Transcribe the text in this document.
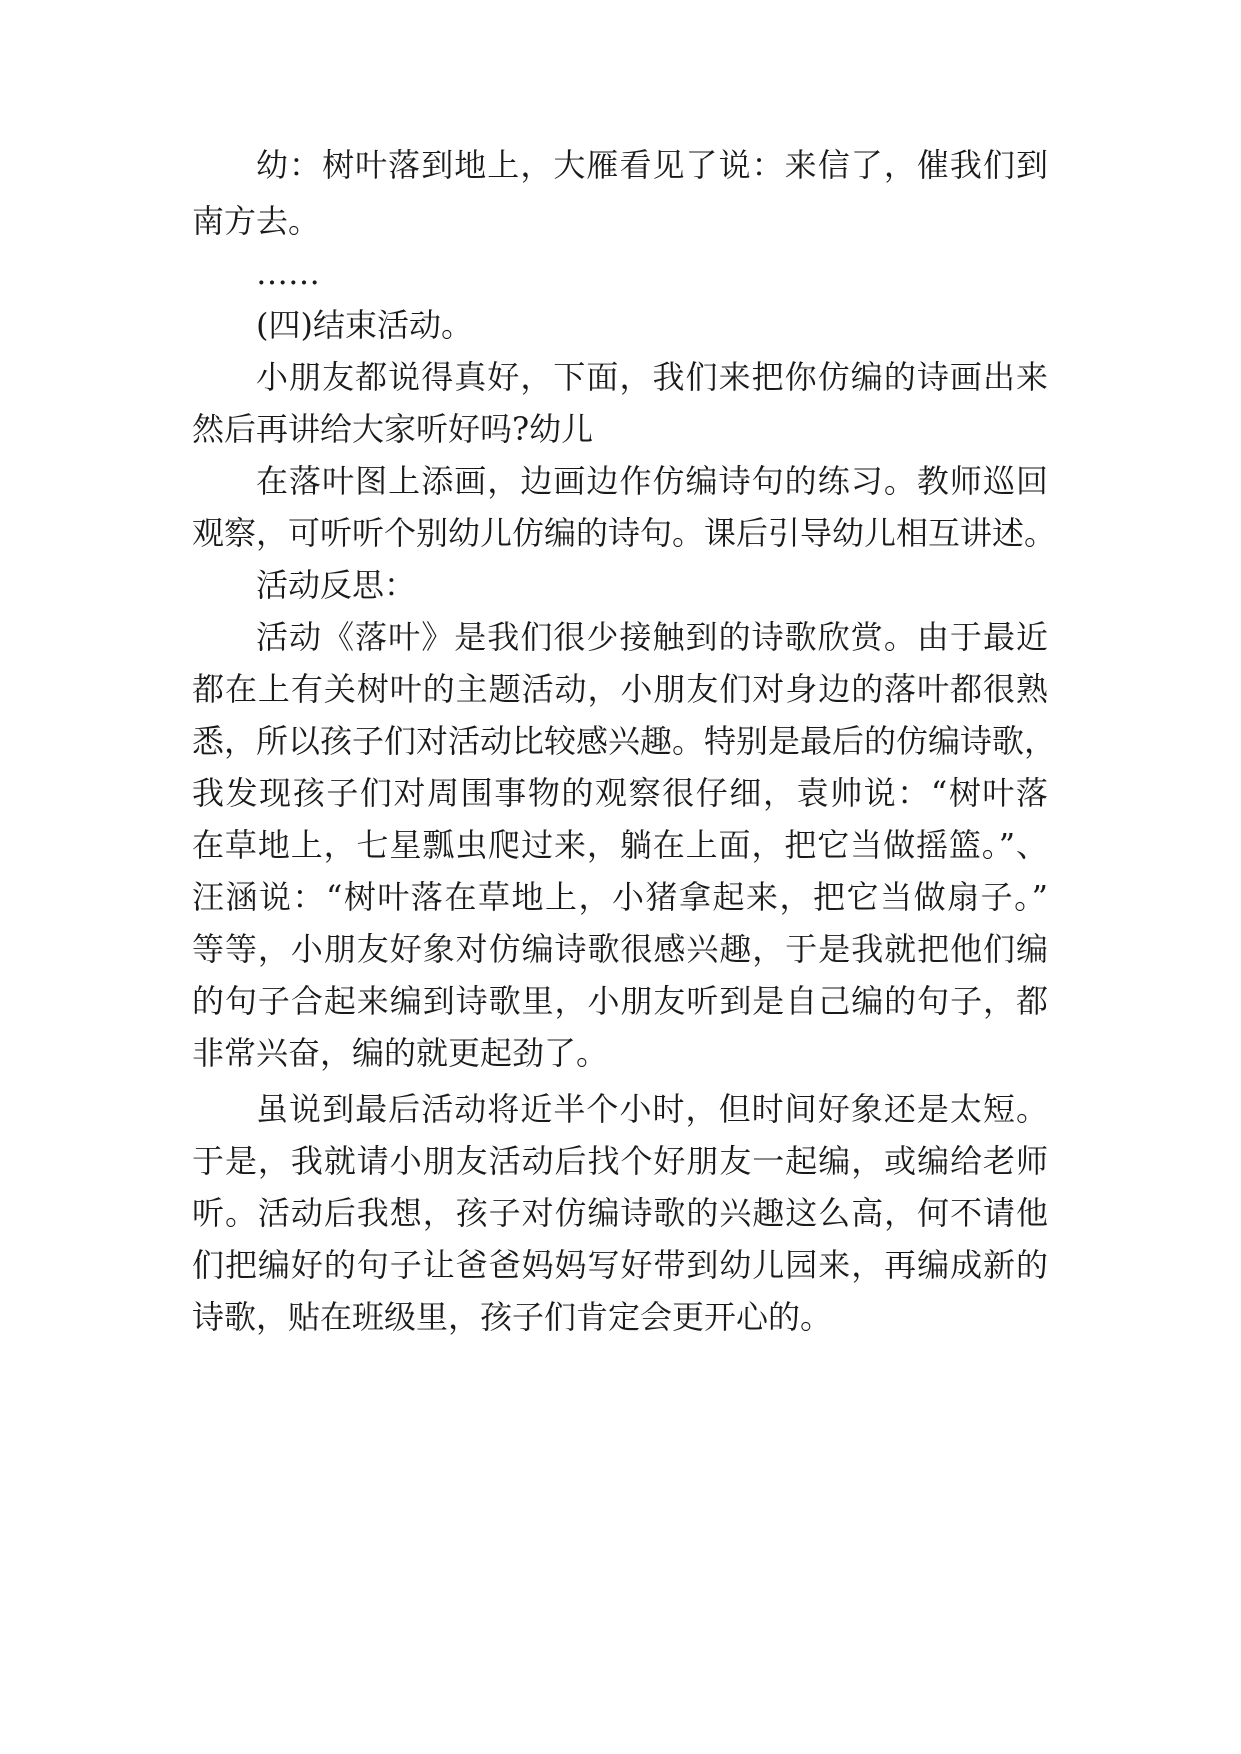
幼：树叶落到地上，大雁看见了说：来信了，催我们到
南方去。
……
(四)结束活动。
小朋友都说得真好，下面，我们来把你仿编的诗画出来
然后再讲给大家听好吗?幼儿
在落叶图上添画，边画边作仿编诗句的练习。教师巡回
观察，可听听个别幼儿仿编的诗句。课后引导幼儿相互讲述。
活动反思：
活动《落叶》是我们很少接触到的诗歌欣赏。由于最近
都在上有关树叶的主题活动，小朋友们对身边的落叶都很熟
悉，所以孩子们对活动比较感兴趣。特别是最后的仿编诗歌，
我发现孩子们对周围事物的观察很仔细，袁帅说：“树叶落
在草地上，七星瓢虫爬过来，躺在上面，把它当做摇篮。”、
汪涵说：“树叶落在草地上，小猪拿起来，把它当做扇子。”
等等，小朋友好象对仿编诗歌很感兴趣，于是我就把他们编
的句子合起来编到诗歌里，小朋友听到是自己编的句子，都
非常兴奋，编的就更起劲了。
虽说到最后活动将近半个小时，但时间好象还是太短。
于是，我就请小朋友活动后找个好朋友一起编，或编给老师
听。活动后我想，孩子对仿编诗歌的兴趣这么高，何不请他
们把编好的句子让爸爸妈妈写好带到幼儿园来，再编成新的
诗歌，贴在班级里，孩子们肯定会更开心的。
